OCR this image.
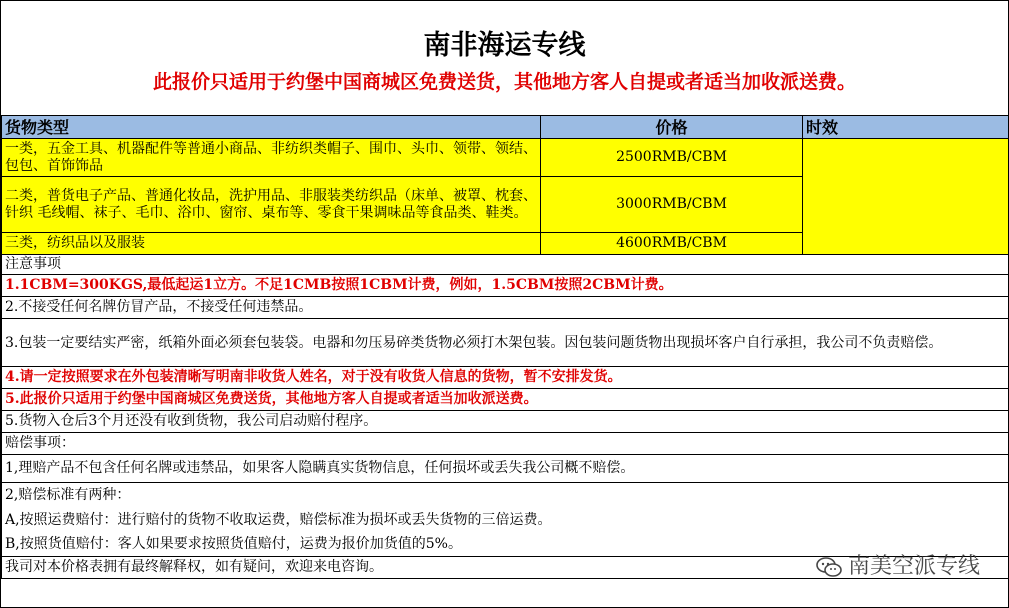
南非海运专线
此报价只适用于约堡中国商城区免费送货，其他地方客人自提或者适当加收派送费。
货物类型	价格	时效
一类，五金工具、机器配件等普通小商品、非纺织类帽子、围巾、头巾、领带、领结、包包、首饰饰品	2500RMB/CBM	
二类，普货电子产品、普通化妆品，洗护用品、非服装类纺织品（床单、被罩、枕套、针织 毛线帽、袜子、毛巾、浴巾、窗帘、桌布等、零食干果调味品等食品类、鞋类。	3000RMB/CBM	
三类，纺织品以及服装	4600RMB/CBM	
注意事项		
1.1CBM=300KGS,最低起运1立方。不足1CMB按照1CBM计费，例如，1.5CBM按照2CBM计费。		
2.不接受任何名牌仿冒产品，不接受任何违禁品。		
3.包装一定要结实严密，纸箱外面必须套包装袋。电器和勿压易碎类货物必须打木架包装。因包装问题货物出现损坏客户自行承担，我公司不负责赔偿。		
4.请一定按照要求在外包装清晰写明南非收货人姓名，对于没有收货人信息的货物，暂不安排发货。		
5.此报价只适用于约堡中国商城区免费送货，其他地方客人自提或者适当加收派送费。		
5.货物入仓后3个月还没有收到货物，我公司启动赔付程序。		
赔偿事项：		
1,理赔产品不包含任何名牌或违禁品，如果客人隐瞒真实货物信息，任何损坏或丢失我公司概不赔偿。		
2,赔偿标准有两种：		
A,按照运费赔付：进行赔付的货物不收取运费，赔偿标准为损坏或丢失货物的三倍运费。		
B,按照货值赔付：客人如果要求按照货值赔付，运费为报价加货值的5%。		
我司对本价格表拥有最终解释权，如有疑问，欢迎来电咨询。			南美空派专线
